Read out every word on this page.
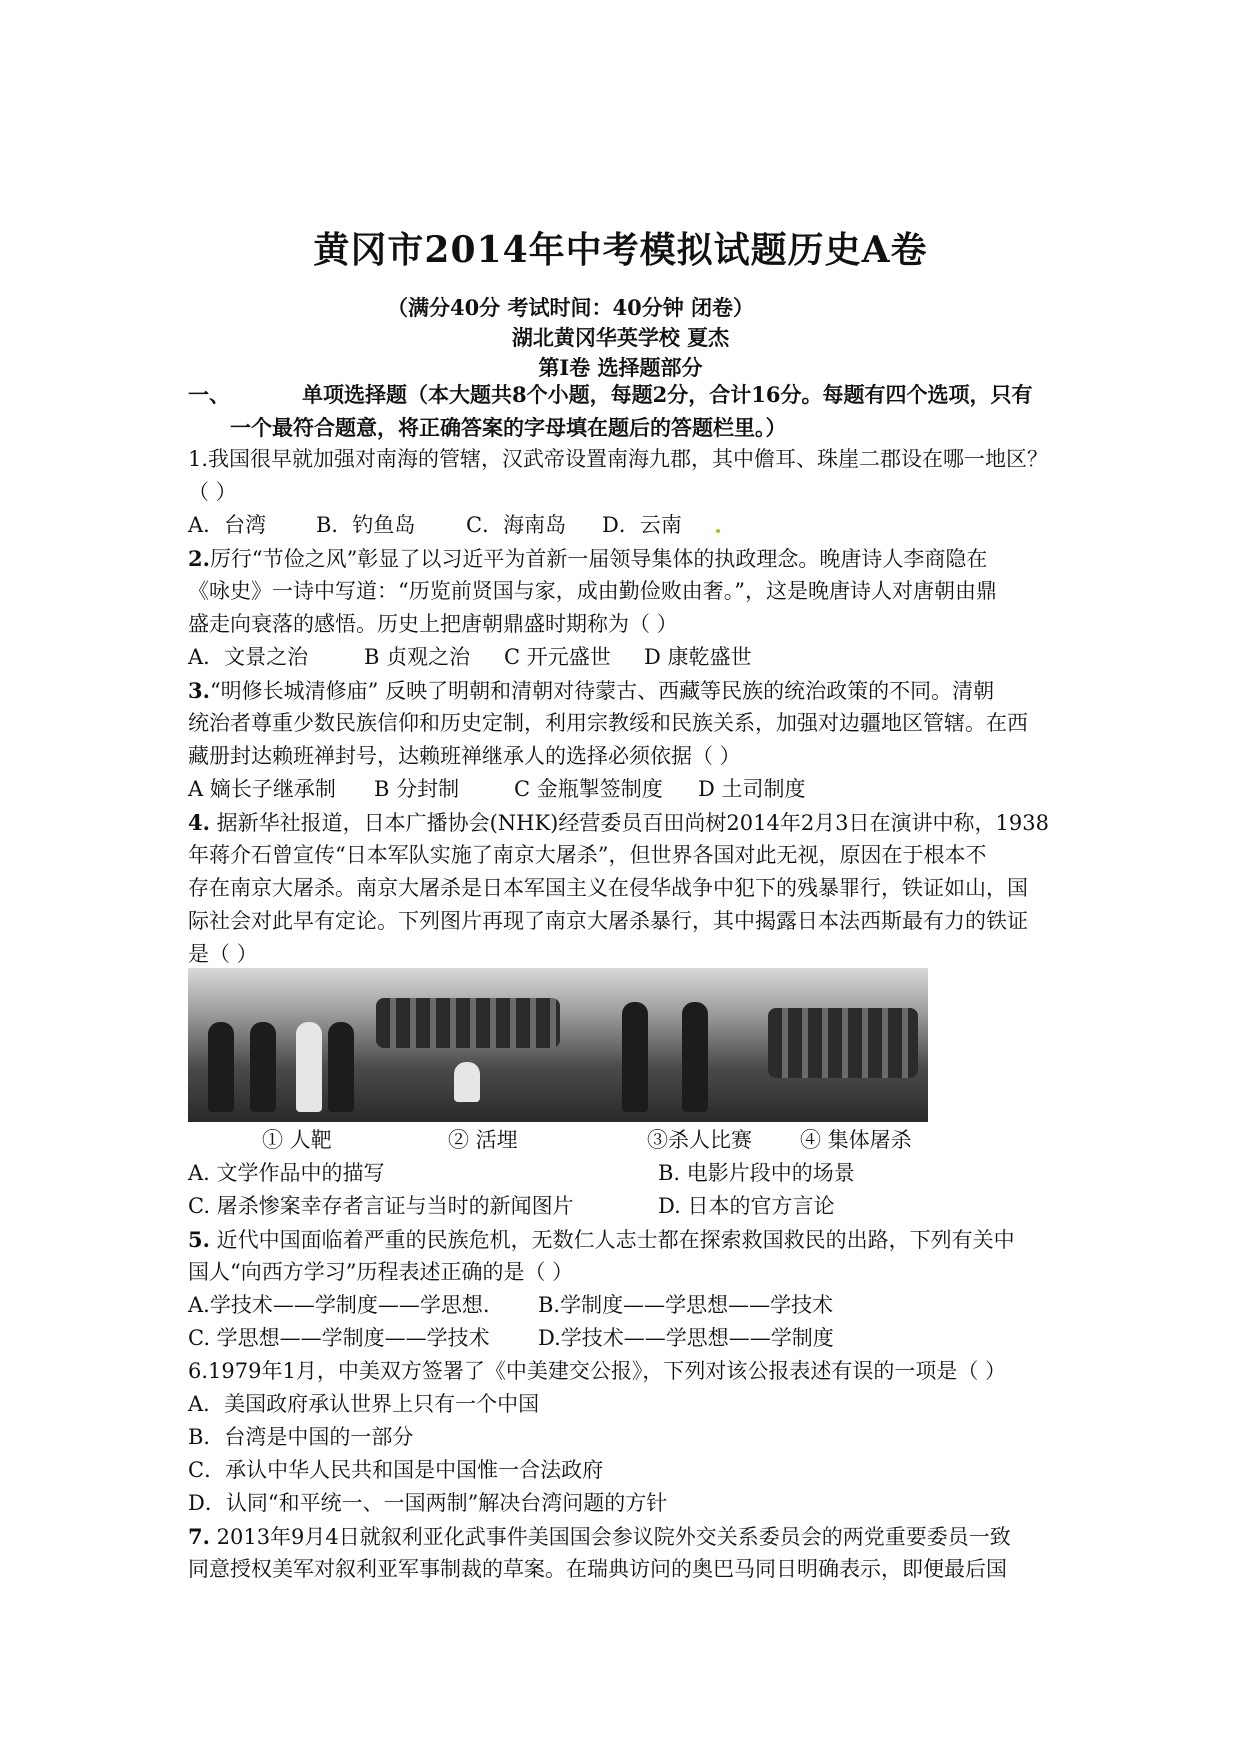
黄冈市2014年中考模拟试题历史A卷
（满分40分 考试时间：40分钟 闭卷）
湖北黄冈华英学校 夏杰
第Ⅰ卷 选择题部分
一、	单项选择题（本大题共8个小题，每题2分，合计16分。每题有四个选项，只有
一个最符合题意，将正确答案的字母填在题后的答题栏里。）
1.我国很早就加强对南海的管辖，汉武帝设置南海九郡，其中儋耳、珠崖二郡设在哪一地区？
（ ）
A．台湾	B．钓鱼岛	C．海南岛	D．云南
2.厉行“节俭之风”彰显了以习近平为首新一届领导集体的执政理念。晚唐诗人李商隐在
《咏史》一诗中写道：“历览前贤国与家，成由勤俭败由奢。”，这是晚唐诗人对唐朝由鼎
盛走向衰落的感悟。历史上把唐朝鼎盛时期称为（ ）
A．文景之治	B 贞观之治	C 开元盛世	D 康乾盛世
3.“明修长城清修庙” 反映了明朝和清朝对待蒙古、西藏等民族的统治政策的不同。清朝
统治者尊重少数民族信仰和历史定制，利用宗教绥和民族关系，加强对边疆地区管辖。在西
藏册封达赖班禅封号，达赖班禅继承人的选择必须依据（ ）
A 嫡长子继承制	B 分封制	C 金瓶掣签制度	D 土司制度
4. 据新华社报道，日本广播协会(NHK)经营委员百田尚树2014年2月3日在演讲中称，1938
年蒋介石曾宣传“日本军队实施了南京大屠杀”，但世界各国对此无视，原因在于根本不
存在南京大屠杀。南京大屠杀是日本军国主义在侵华战争中犯下的残暴罪行，铁证如山，国
际社会对此早有定论。下列图片再现了南京大屠杀暴行，其中揭露日本法西斯最有力的铁证
是（ ）
① 人靶	② 活埋	③杀人比赛 ④ 集体屠杀
A. 文学作品中的描写	B. 电影片段中的场景
C. 屠杀惨案幸存者言证与当时的新闻图片	D. 日本的官方言论
5. 近代中国面临着严重的民族危机，无数仁人志士都在探索救国救民的出路，下列有关中
国人“向西方学习”历程表述正确的是（ ）
A.学技术——学制度——学思想.	B.学制度——学思想——学技术
C. 学思想——学制度——学技术	D.学技术——学思想——学制度
6.1979年1月，中美双方签署了《中美建交公报》，下列对该公报表述有误的一项是（ ）
A．美国政府承认世界上只有一个中国
B．台湾是中国的一部分
C．承认中华人民共和国是中国惟一合法政府
D．认同“和平统一、一国两制”解决台湾问题的方针
7. 2013年9月4日就叙利亚化武事件美国国会参议院外交关系委员会的两党重要委员一致
同意授权美军对叙利亚军事制裁的草案。在瑞典访问的奥巴马同日明确表示，即便最后国
